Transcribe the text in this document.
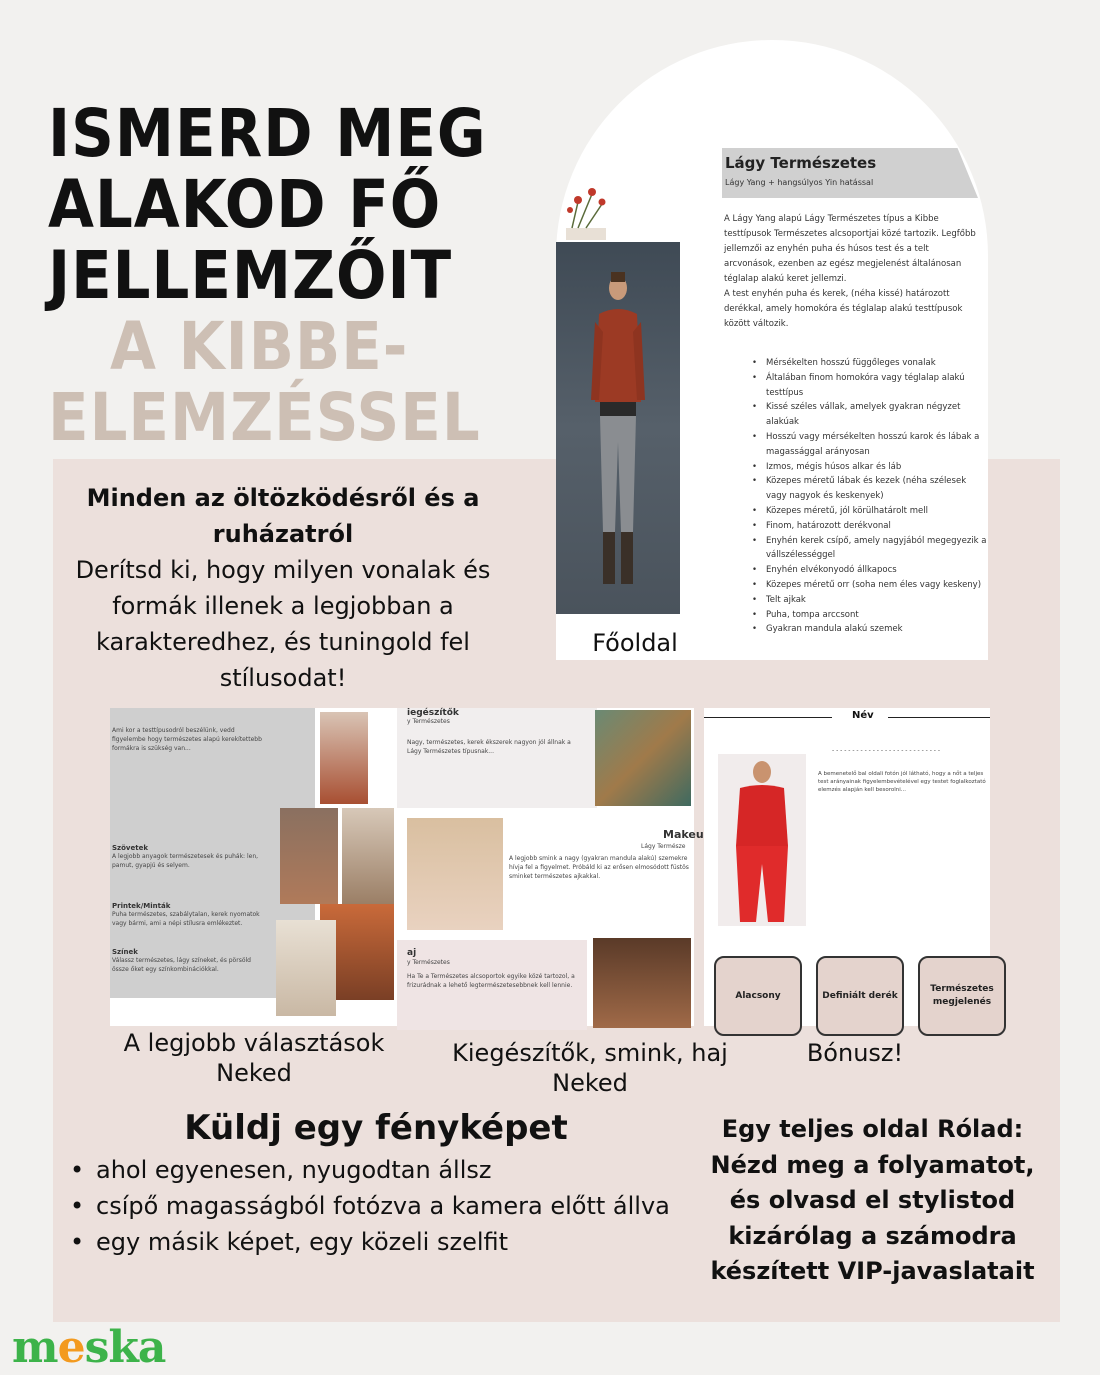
ISMERD MEG
ALAKOD FŐ
JELLEMZŐIT
A KIBBE-
ELEMZÉSSEL
Minden az öltözködésről és a
ruházatról
Derítsd ki, hogy milyen vonalak és formák illenek a legjobban a karakteredhez, és tuningold fel stílusodat!
Lágy Természetes
Lágy Yang + hangsúlyos Yin hatással
A Lágy Yang alapú Lágy Természetes típus a Kibbe testtípusok Természetes alcsoportjai közé tartozik. Legfőbb jellemzői az enyhén puha és húsos test és a telt arcvonások, ezenben az egész megjelenést általánosan téglalap alakú keret jellemzi.
A test enyhén puha és kerek, (néha kissé) határozott derékkal, amely homokóra és téglalap alakú testtípusok között változik.
• Mérsékelten hosszú függőleges vonalak
• Általában finom homokóra vagy téglalap alakú testtípus
• Kissé széles vállak, amelyek gyakran négyzet alakúak
• Hosszú vagy mérsékelten hosszú karok és lábak a magassággal arányosan
• Izmos, mégis húsos alkar és láb
• Közepes méretű lábak és kezek (néha szélesek vagy nagyok és keskenyek)
• Közepes méretű, jól körülhatárolt mell
• Finom, határozott derékvonal
• Enyhén kerek csípő, amely nagyjából megegyezik a vállszélességgel
• Enyhén elvékonyodó állkapocs
• Közepes méretű orr (soha nem éles vagy keskeny)
• Telt ajkak
• Puha, tompa arccsont
• Gyakran mandula alakú szemek
Főoldal
Ami kor a testtípusodról beszélünk, vedd figyelembe hogy természetes alapú kerekítettebb formákra is szükség van...
Szövetek
A legjobb anyagok természetesek és puhák: len, pamut, gyapjú és selyem.
Printek/Minták
Puha természetes, szabálytalan, kerek nyomatok vagy bármi, ami a népi stílusra emlékeztet.
Színek
Válassz természetes, lágy színeket, és pörsöld össze őket egy színkombinációkkal.
A legjobb választások Neked
iegészítők
y Természetes
Nagy, természetes, kerek ékszerek nagyon jól állnak a Lágy Természetes típusnak...
Makeu
Lágy Természe
A legjobb smink a nagy (gyakran mandula alakú) szemekre hívja fel a figyelmet. Próbáld ki az erősen elmosódott füstös sminket természetes ajkakkal.
aj
y Természetes
Ha Te a Természetes alcsoportok egyike közé tartozol, a frizurádnak a lehető legtermészetesebbnek kell lennie.
Kiegészítők, smink, haj Neked
Név
- - - - - - - - - - - - - - - - - - - - - - - - - - -
A bemenetelő bal oldali fotón jól látható, hogy a nőt a teljes test arányainak figyelembevételével egy testet foglalkoztató elemzés alapján kell besorolni...
Alacsony	Definiált derék
Természetes megjelenés
Bónusz!
Küldj egy fényképet
• ahol egyenesen, nyugodtan állsz
• csípő magasságból fotózva a kamera előtt állva
• egy másik képet, egy közeli szelfit
Egy teljes oldal Rólad: Nézd meg a folyamatot, és olvasd el stylistod kizárólag a számodra készített VIP-javaslatait
meska
